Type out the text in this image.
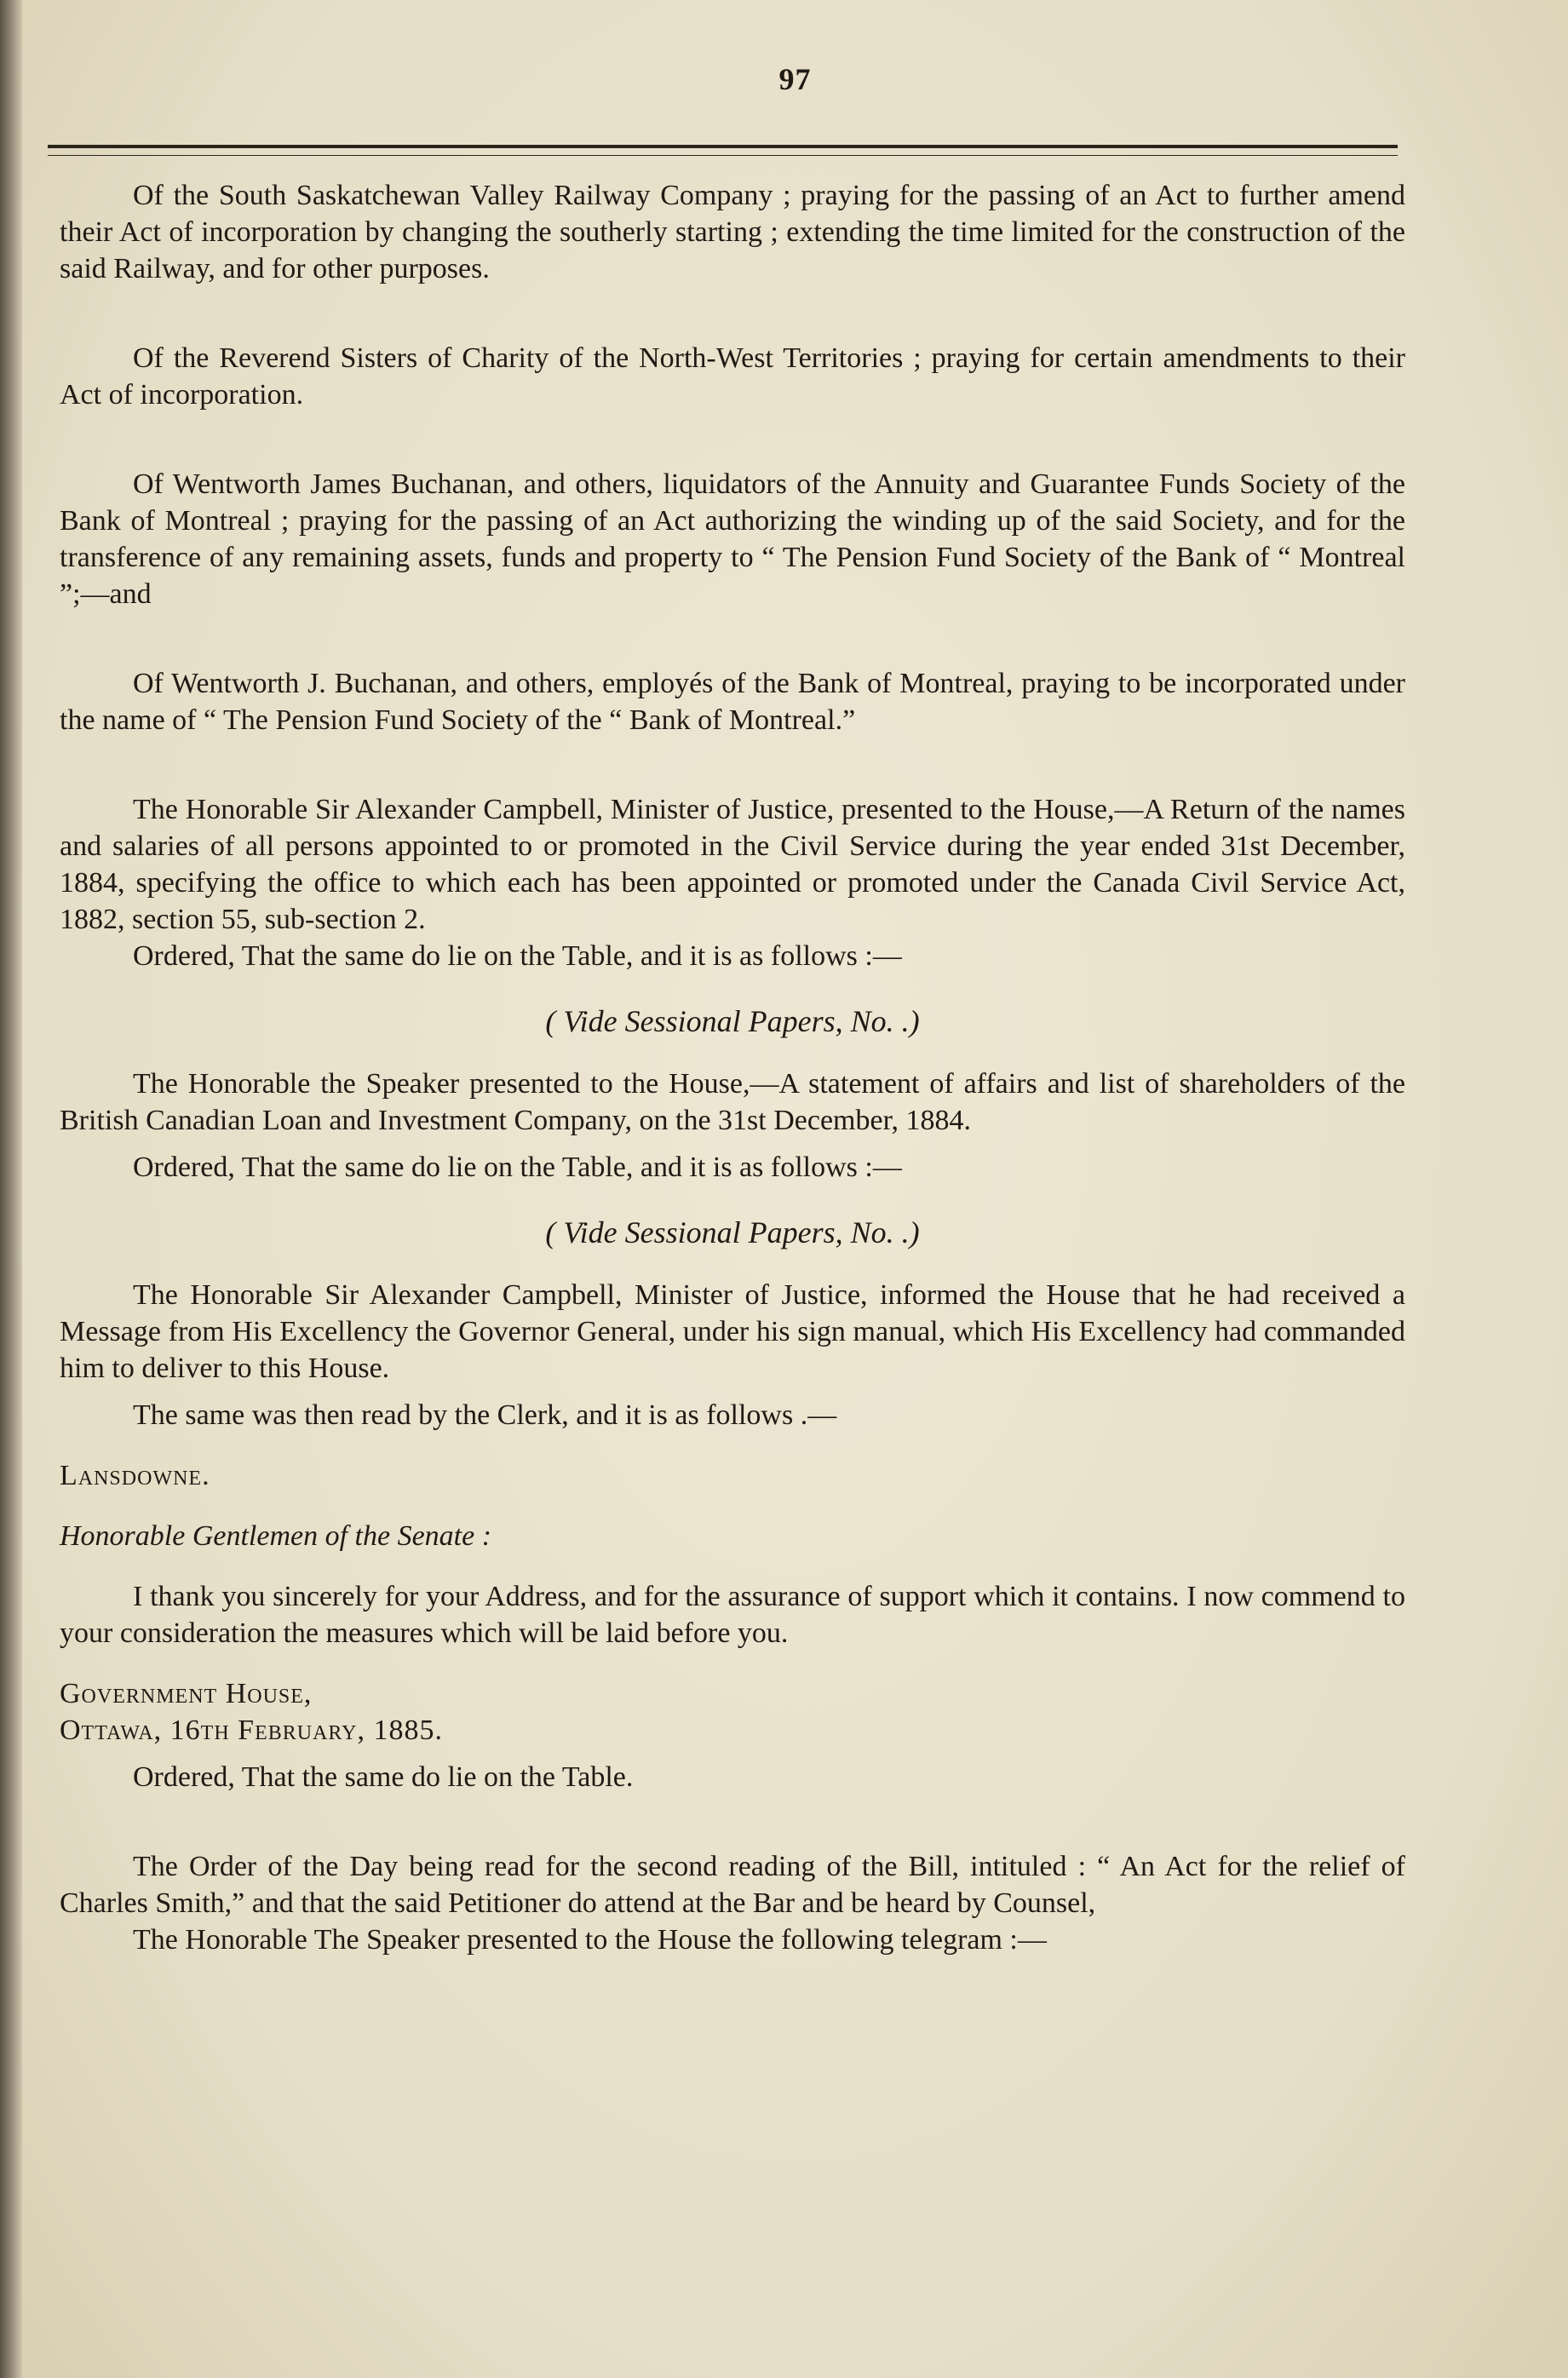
97

Of the South Saskatchewan Valley Railway Company ; praying for the passing of an Act to further amend their Act of incorporation by changing the southerly starting ; extending the time limited for the construction of the said Railway, and for other purposes.

Of the Reverend Sisters of Charity of the North-West Territories ; praying for certain amendments to their Act of incorporation.

Of Wentworth James Buchanan, and others, liquidators of the Annuity and Guarantee Funds Society of the Bank of Montreal ; praying for the passing of an Act authorizing the winding up of the said Society, and for the transference of any remaining assets, funds and property to “ The Pension Fund Society of the Bank of “ Montreal ”;—and

Of Wentworth J. Buchanan, and others, employés of the Bank of Montreal, praying to be incorporated under the name of “ The Pension Fund Society of the “ Bank of Montreal.”

The Honorable Sir Alexander Campbell, Minister of Justice, presented to the House,—A Return of the names and salaries of all persons appointed to or promoted in the Civil Service during the year ended 31st December, 1884, specifying the office to which each has been appointed or promoted under the Canada Civil Service Act, 1882, section 55, sub-section 2.

Ordered, That the same do lie on the Table, and it is as follows :—

( Vide Sessional Papers, No. .)

The Honorable the Speaker presented to the House,—A statement of affairs and list of shareholders of the British Canadian Loan and Investment Company, on the 31st December, 1884.

Ordered, That the same do lie on the Table, and it is as follows :—

( Vide Sessional Papers, No. .)

The Honorable Sir Alexander Campbell, Minister of Justice, informed the House that he had received a Message from His Excellency the Governor General, under his sign manual, which His Excellency had commanded him to deliver to this House.

The same was then read by the Clerk, and it is as follows .—

Lansdowne.

Honorable Gentlemen of the Senate :

I thank you sincerely for your Address, and for the assurance of support which it contains. I now commend to your consideration the measures which will be laid before you.

Government House,

Ottawa, 16th February, 1885.

Ordered, That the same do lie on the Table.

The Order of the Day being read for the second reading of the Bill, intituled : “ An Act for the relief of Charles Smith,” and that the said Petitioner do attend at the Bar and be heard by Counsel,

The Honorable The Speaker presented to the House the following telegram :—
